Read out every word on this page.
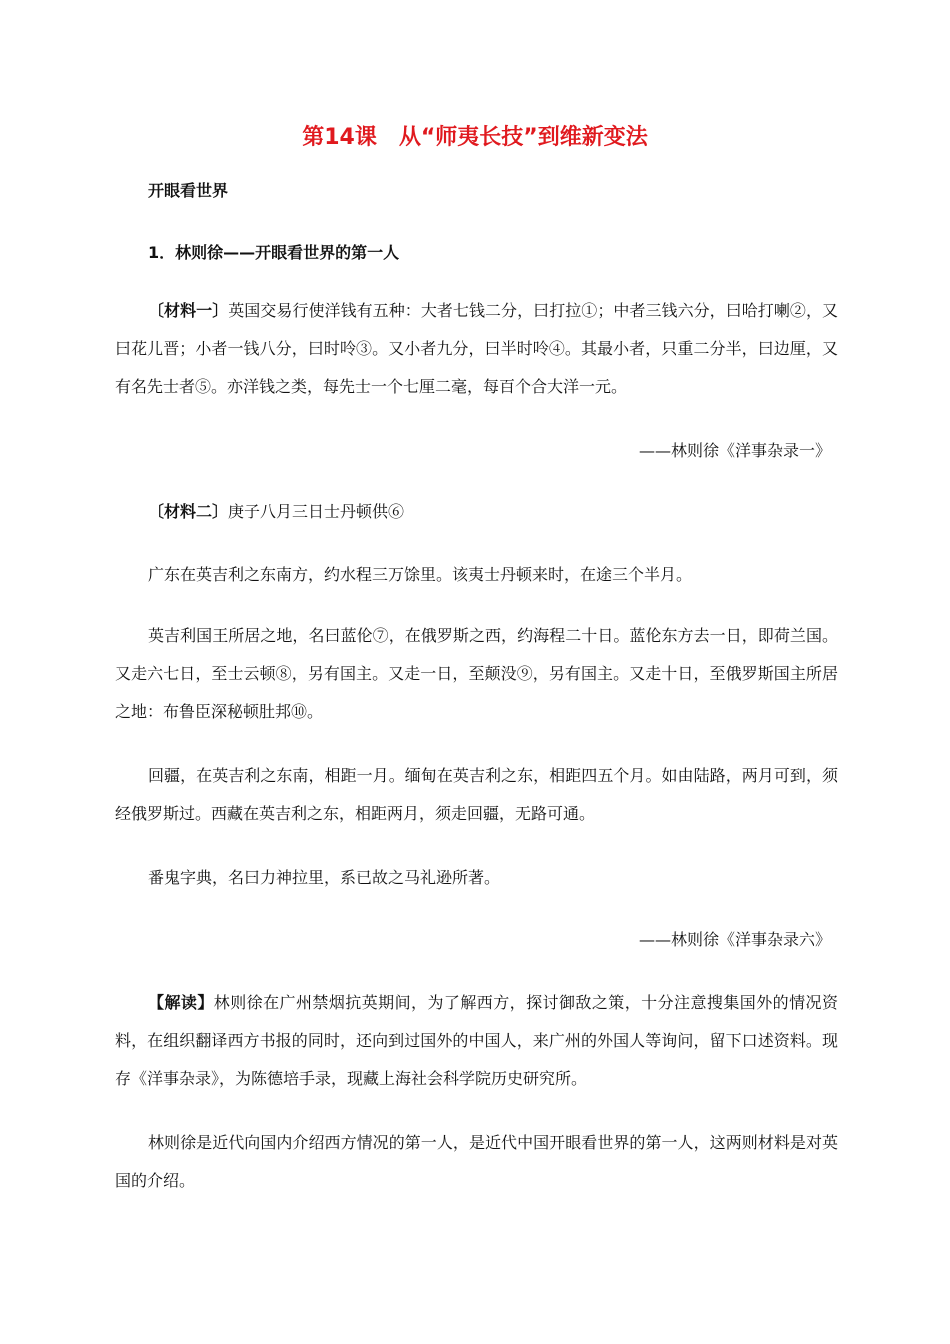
第14课　从“师夷长技”到维新变法
开眼看世界
1．林则徐——开眼看世界的第一人
〔材料一〕英国交易行使洋钱有五种：大者七钱二分，曰打拉①；中者三钱六分，曰哈打喇②，又曰花儿晋；小者一钱八分，曰时呤③。又小者九分，曰半时呤④。其最小者，只重二分半，曰边厘，又有名先士者⑤。亦洋钱之类，每先士一个七厘二毫，每百个合大洋一元。
——林则徐《洋事杂录一》
〔材料二〕庚子八月三日士丹顿供⑥
广东在英吉利之东南方，约水程三万馀里。该夷士丹顿来时，在途三个半月。
英吉利国王所居之地，名曰蓝伦⑦，在俄罗斯之西，约海程二十日。蓝伦东方去一日，即荷兰国。又走六七日，至士云顿⑧，另有国主。又走一日，至颠没⑨，另有国主。又走十日，至俄罗斯国主所居之地：布鲁臣深秘顿肚邦⑩。
回疆，在英吉利之东南，相距一月。缅甸在英吉利之东，相距四五个月。如由陆路，两月可到，须经俄罗斯过。西藏在英吉利之东，相距两月，须走回疆，无路可通。
番鬼字典，名曰力神拉里，系已故之马礼逊所著。
——林则徐《洋事杂录六》
【解读】林则徐在广州禁烟抗英期间，为了解西方，探讨御敌之策，十分注意搜集国外的情况资料，在组织翻译西方书报的同时，还向到过国外的中国人，来广州的外国人等询问，留下口述资料。现存《洋事杂录》，为陈德培手录，现藏上海社会科学院历史研究所。
林则徐是近代向国内介绍西方情况的第一人，是近代中国开眼看世界的第一人，这两则材料是对英国的介绍。
